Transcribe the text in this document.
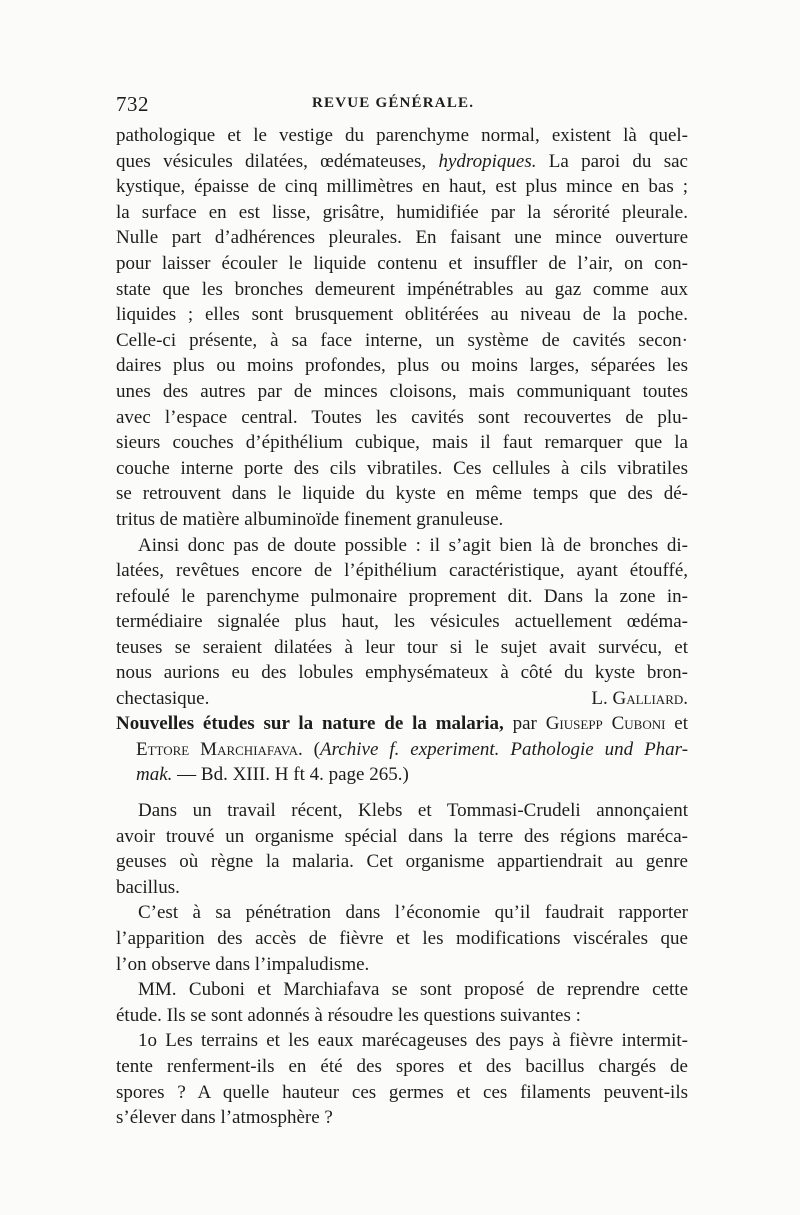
732	REVUE GÉNÉRALE.
pathologique et le vestige du parenchyme normal, existent là quel-
ques vésicules dilatées, œdémateuses, hydropiques. La paroi du sac
kystique, épaisse de cinq millimètres en haut, est plus mince en bas ;
la surface en est lisse, grisâtre, humidifiée par la sérorité pleurale.
Nulle part d’adhérences pleurales. En faisant une mince ouverture
pour laisser écouler le liquide contenu et insuffler de l’air, on con-
state que les bronches demeurent impénétrables au gaz comme aux
liquides ; elles sont brusquement oblitérées au niveau de la poche.
Celle-ci présente, à sa face interne, un système de cavités secon·
daires plus ou moins profondes, plus ou moins larges, séparées les
unes des autres par de minces cloisons, mais communiquant toutes
avec l’espace central. Toutes les cavités sont recouvertes de plu-
sieurs couches d’épithélium cubique, mais il faut remarquer que la
couche interne porte des cils vibratiles. Ces cellules à cils vibratiles
se retrouvent dans le liquide du kyste en même temps que des dé-
tritus de matière albuminoïde finement granuleuse.
Ainsi donc pas de doute possible : il s’agit bien là de bronches di-
latées, revêtues encore de l’épithélium caractéristique, ayant étouffé,
refoulé le parenchyme pulmonaire proprement dit. Dans la zone in-
termédiaire signalée plus haut, les vésicules actuellement œdéma-
teuses se seraient dilatées à leur tour si le sujet avait survécu, et
nous aurions eu des lobules emphysémateux à côté du kyste bron-
chectasique.	L. Galliard.
Nouvelles études sur la nature de la malaria, par Giusepp Cuboni et
Ettore Marchiafava. (Archive f. experiment. Pathologie und Phar-
mak. — Bd. XIII. H ft 4. page 265.)
Dans un travail récent, Klebs et Tommasi-Crudeli annonçaient
avoir trouvé un organisme spécial dans la terre des régions maréca-
geuses où règne la malaria. Cet organisme appartiendrait au genre
bacillus.
C’est à sa pénétration dans l’économie qu’il faudrait rapporter
l’apparition des accès de fièvre et les modifications viscérales que
l’on observe dans l’impaludisme.
MM. Cuboni et Marchiafava se sont proposé de reprendre cette
étude. Ils se sont adonnés à résoudre les questions suivantes :
1o Les terrains et les eaux marécageuses des pays à fièvre intermit-
tente renferment-ils en été des spores et des bacillus chargés de
spores ? A quelle hauteur ces germes et ces filaments peuvent-ils
s’élever dans l’atmosphère ?
